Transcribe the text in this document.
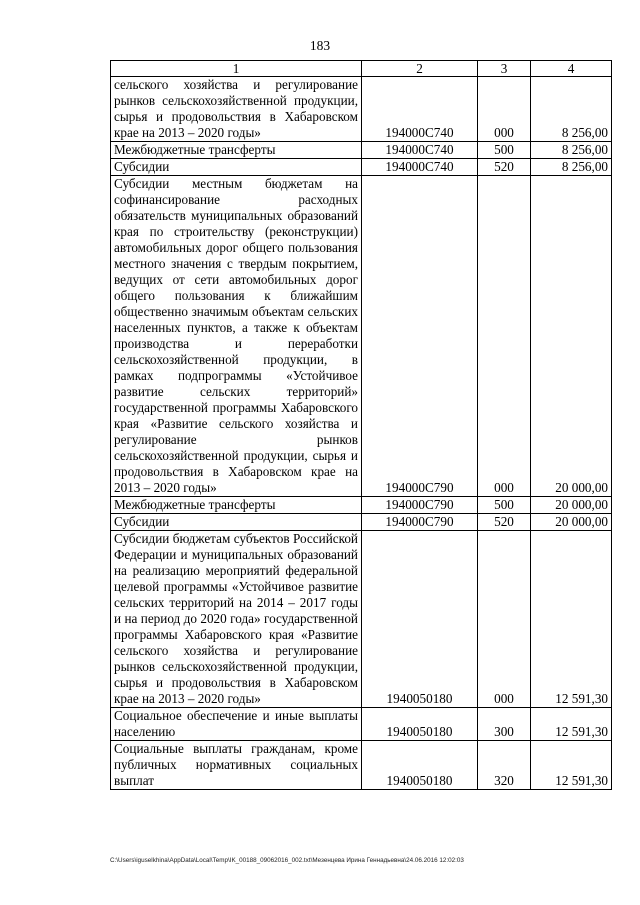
183
1	2	3	4
сельского хозяйства и регулирование рынков сельскохозяйственной продукции, сырья и продовольствия в Хабаровском крае на 2013 – 2020 годы»	194000С740	000	8 256,00
Межбюджетные трансферты	194000С740	500	8 256,00
Субсидии	194000С740	520	8 256,00
Субсидии местным бюджетам на софинансирование расходных обязательств муниципальных образований края по строительству (реконструкции) автомобильных дорог общего пользования местного значения с твердым покрытием, ведущих от сети автомобильных дорог общего пользования к ближайшим общественно значимым объектам сельских населенных пунктов, а также к объектам производства и переработки сельскохозяйственной продукции, в рамках подпрограммы «Устойчивое развитие сельских территорий» государственной программы Хабаровского края «Развитие сельского хозяйства и регулирование рынков сельскохозяйственной продукции, сырья и продовольствия в Хабаровском крае на 2013 – 2020 годы»	194000С790	000	20 000,00
Межбюджетные трансферты	194000С790	500	20 000,00
Субсидии	194000С790	520	20 000,00
Субсидии бюджетам субъектов Российской Федерации и муниципальных образований на реализацию мероприятий федеральной целевой программы «Устойчивое развитие сельских территорий на 2014 – 2017 годы и на период до 2020 года» государственной программы Хабаровского края «Развитие сельского хозяйства и регулирование рынков сельскохозяйственной продукции, сырья и продовольствия в Хабаровском крае на 2013 – 2020 годы»	1940050180	000	12 591,30
Социальное обеспечение и иные выплаты населению	1940050180	300	12 591,30
Социальные выплаты гражданам, кроме публичных нормативных социальных выплат	1940050180	320	12 591,30
C:\Users\iguselkhina\AppData\Local\Temp\IK_00188_09062016_002.txt\Мезенцева Ирина Геннадьевна\24.06.2016 12:02:03
